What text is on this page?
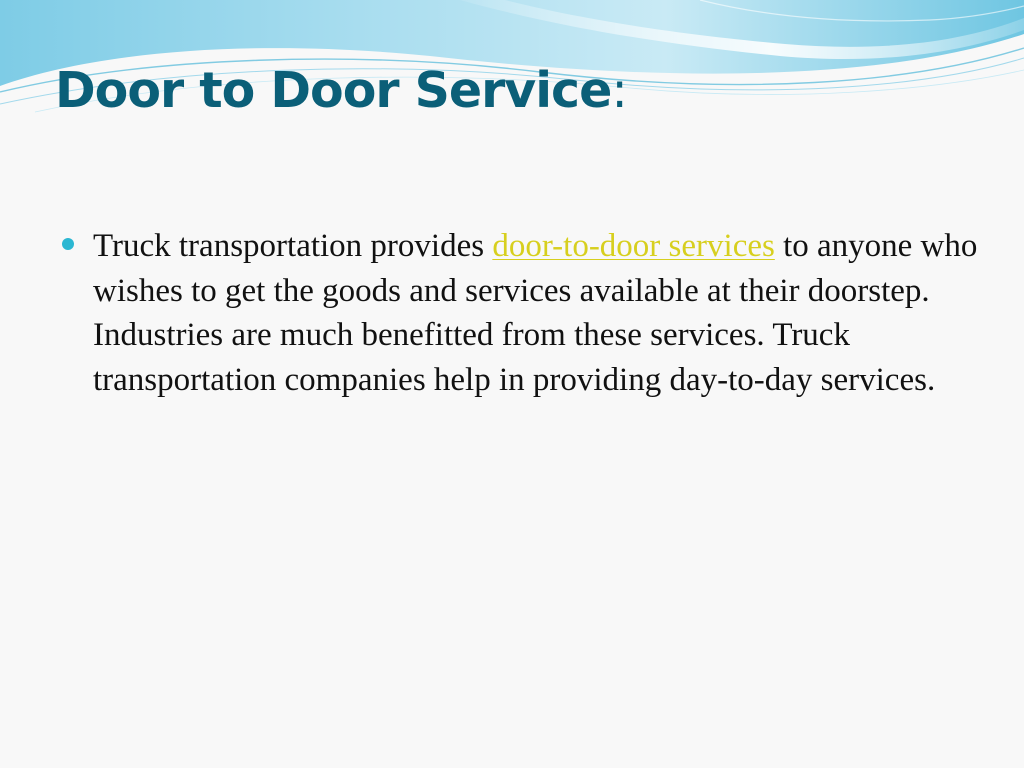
Door to Door Service:
Truck transportation provides door-to-door services to anyone who wishes to get the goods and services available at their doorstep. Industries are much benefitted from these services. Truck transportation companies help in providing day-to-day services.
